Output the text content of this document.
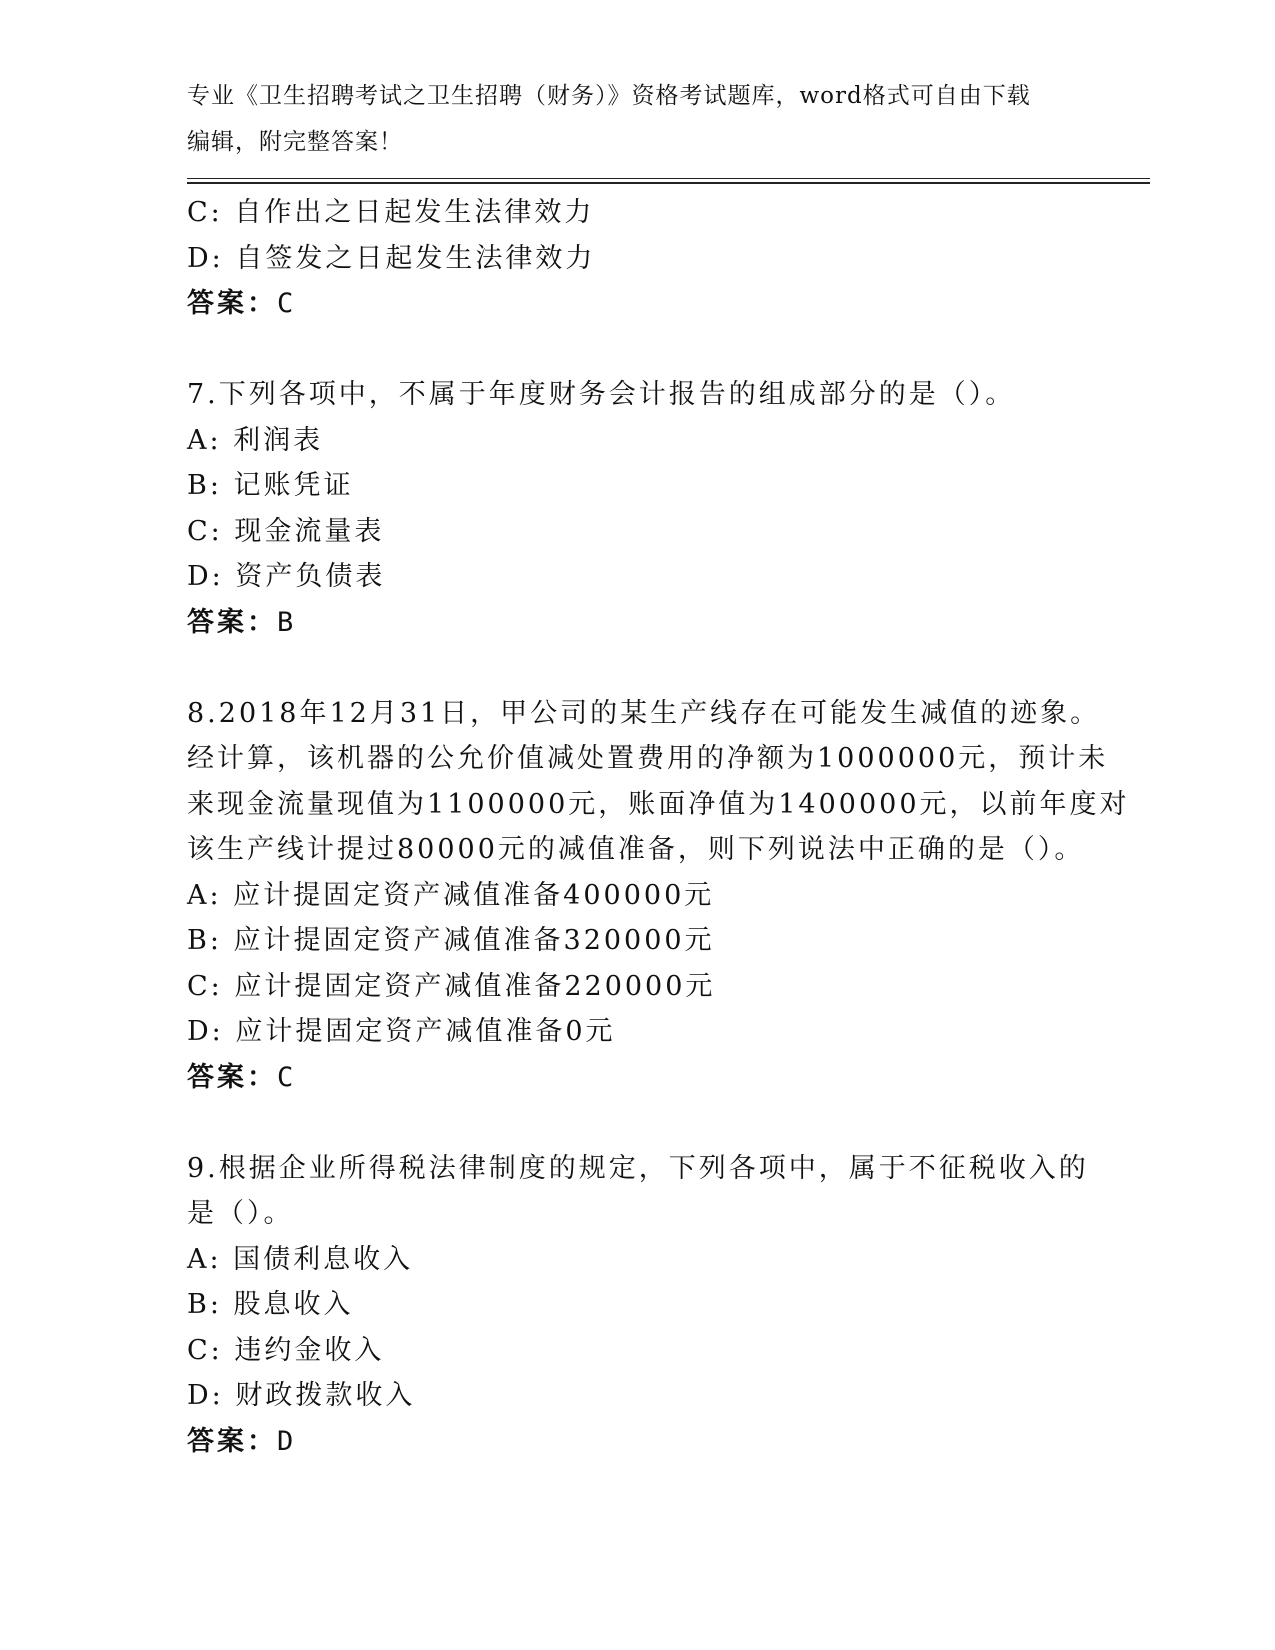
专业《卫生招聘考试之卫生招聘（财务）》资格考试题库，word格式可自由下载
编辑，附完整答案！
C: 自作出之日起发生法律效力
D: 自签发之日起发生法律效力
答案：C
7.下列各项中，不属于年度财务会计报告的组成部分的是（）。
A: 利润表
B: 记账凭证
C: 现金流量表
D: 资产负债表
答案：B
8.2018年12月31日，甲公司的某生产线存在可能发生减值的迹象。
经计算，该机器的公允价值减处置费用的净额为1000000元，预计未
来现金流量现值为1100000元，账面净值为1400000元，以前年度对
该生产线计提过80000元的减值准备，则下列说法中正确的是（）。
A: 应计提固定资产减值准备400000元
B: 应计提固定资产减值准备320000元
C: 应计提固定资产减值准备220000元
D: 应计提固定资产减值准备0元
答案：C
9.根据企业所得税法律制度的规定，下列各项中，属于不征税收入的
是（）。
A: 国债利息收入
B: 股息收入
C: 违约金收入
D: 财政拨款收入
答案：D
